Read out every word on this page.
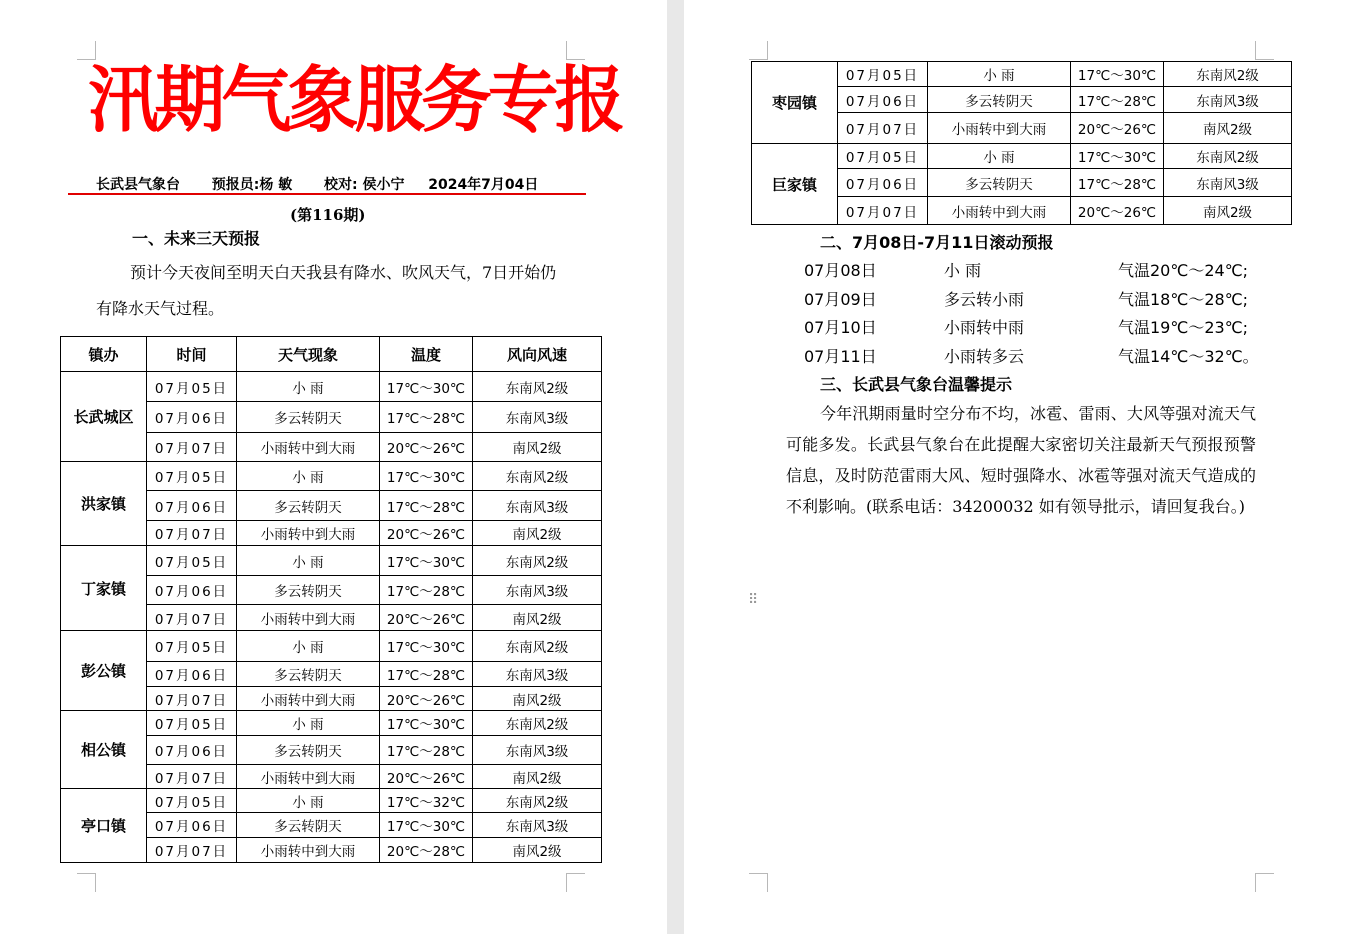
汛期气象服务专报
长武县气象台 预报员:杨 敏 校对: 侯小宁 2024年7月04日
(第116期)
一、未来三天预报
预计今天夜间至明天白天我县有降水、吹风天气，7日开始仍有降水天气过程。
镇办	时间	天气现象	温度	风向风速
长武城区	07月05日	小 雨	17℃～30℃	东南风2级
	07月06日	多云转阴天	17℃～28℃	东南风3级
	07月07日	小雨转中到大雨	20℃～26℃	南风2级
洪家镇	07月05日	小 雨	17℃～30℃	东南风2级
	07月06日	多云转阴天	17℃～28℃	东南风3级
	07月07日	小雨转中到大雨	20℃～26℃	南风2级
丁家镇	07月05日	小 雨	17℃～30℃	东南风2级
	07月06日	多云转阴天	17℃～28℃	东南风3级
	07月07日	小雨转中到大雨	20℃～26℃	南风2级
彭公镇	07月05日	小 雨	17℃～30℃	东南风2级
	07月06日	多云转阴天	17℃～28℃	东南风3级
	07月07日	小雨转中到大雨	20℃～26℃	南风2级
相公镇	07月05日	小 雨	17℃～30℃	东南风2级
	07月06日	多云转阴天	17℃～28℃	东南风3级
	07月07日	小雨转中到大雨	20℃～26℃	南风2级
亭口镇	07月05日	小 雨	17℃～32℃	东南风2级
	07月06日	多云转阴天	17℃～30℃	东南风3级
	07月07日	小雨转中到大雨	20℃～28℃	南风2级
枣园镇	07月05日	小 雨	17℃～30℃	东南风2级
	07月06日	多云转阴天	17℃～28℃	东南风3级
	07月07日	小雨转中到大雨	20℃～26℃	南风2级
巨家镇	07月05日	小 雨	17℃～30℃	东南风2级
	07月06日	多云转阴天	17℃～28℃	东南风3级
	07月07日	小雨转中到大雨	20℃～26℃	南风2级
二、7月08日-7月11日滚动预报
07月08日	小 雨	气温20℃～24℃;
07月09日	多云转小雨	气温18℃～28℃;
07月10日	小雨转中雨	气温19℃～23℃;
07月11日	小雨转多云	气温14℃～32℃。
三、长武县气象台温馨提示
今年汛期雨量时空分布不均，冰雹、雷雨、大风等强对流天气可能多发。长武县气象台在此提醒大家密切关注最新天气预报预警信息，及时防范雷雨大风、短时强降水、冰雹等强对流天气造成的不利影响。(联系电话：34200032 如有领导批示，请回复我台。)
⠿
